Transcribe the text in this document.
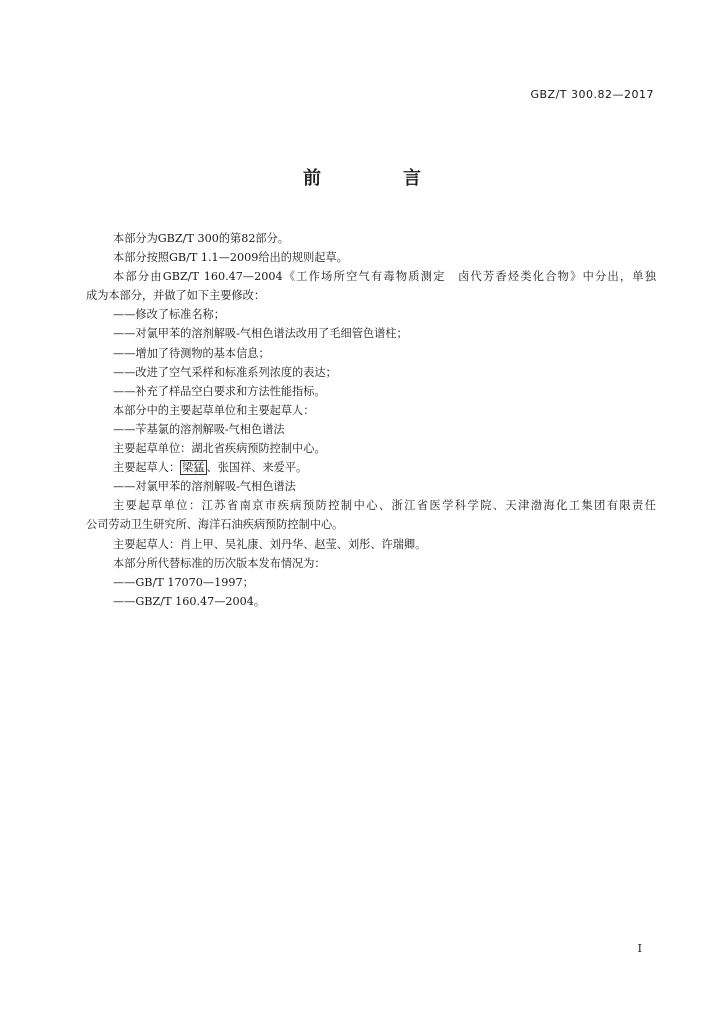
GBZ/T 300.82—2017
前　言
本部分为GBZ/T 300的第82部分。
本部分按照GB/T 1.1—2009给出的规则起草。
本部分由GBZ/T 160.47—2004《工作场所空气有毒物质测定　卤代芳香烃类化合物》中分出，单独
成为本部分，并做了如下主要修改：
——修改了标准名称；
——对氯甲苯的溶剂解吸-气相色谱法改用了毛细管色谱柱；
——增加了待测物的基本信息；
——改进了空气采样和标准系列浓度的表达；
——补充了样品空白要求和方法性能指标。
本部分中的主要起草单位和主要起草人：
——苄基氯的溶剂解吸-气相色谱法
主要起草单位：湖北省疾病预防控制中心。
主要起草人： 梁猛 、张国祥、来爱平。
——对氯甲苯的溶剂解吸-气相色谱法
主要起草单位：江苏省南京市疾病预防控制中心、浙江省医学科学院、天津渤海化工集团有限责任
公司劳动卫生研究所、海洋石油疾病预防控制中心。
主要起草人：肖上甲、吴礼康、刘丹华、赵莹、刘彤、许瑞卿。
本部分所代替标准的历次版本发布情况为：
——GB/T 17070—1997；
——GBZ/T 160.47—2004。
I
